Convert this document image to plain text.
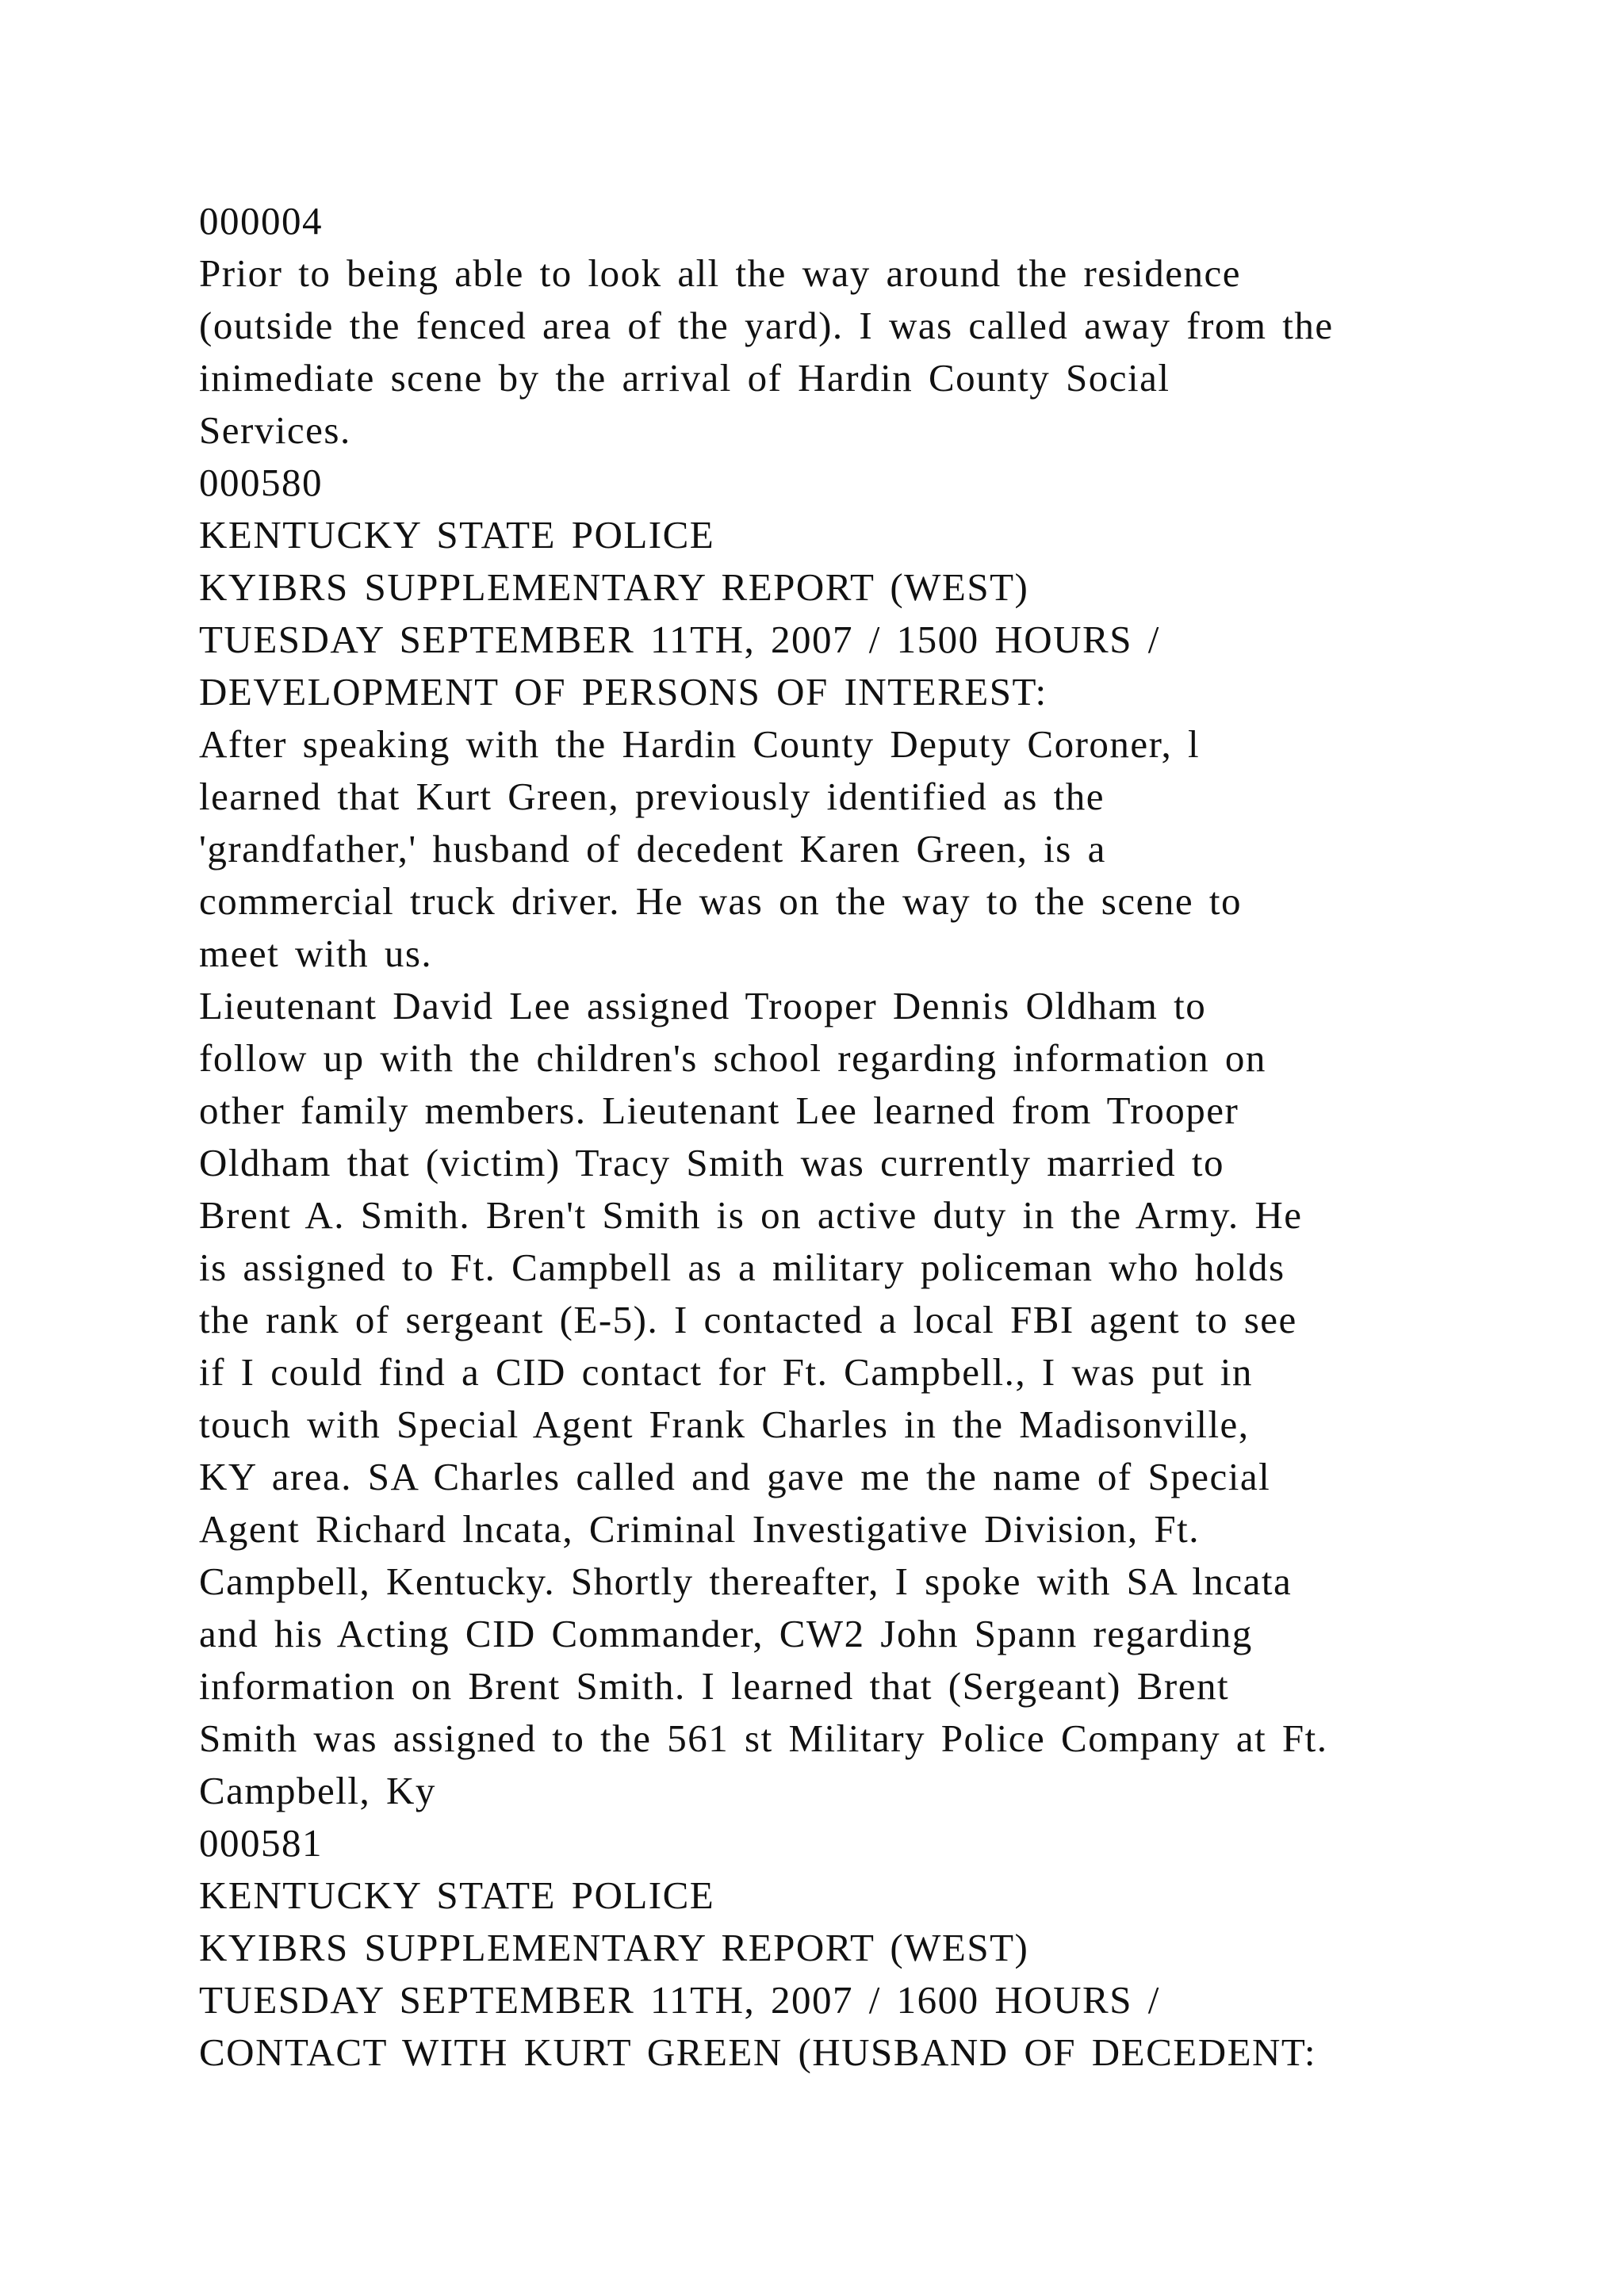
000004
Prior to being able to look all the way around the residence
(outside the fenced area of the yard). I was called away from the
inimediate scene by the arrival of Hardin County Social
Services.
000580
KENTUCKY STATE POLICE
KYIBRS SUPPLEMENTARY REPORT (WEST)
TUESDAY SEPTEMBER 11TH, 2007 / 1500 HOURS /
DEVELOPMENT OF PERSONS OF INTEREST:
After speaking with the Hardin County Deputy Coroner, l
learned that Kurt Green, previously identified as the
'grandfather,' husband of decedent Karen Green, is a
commercial truck driver. He was on the way to the scene to
meet with us.
Lieutenant David Lee assigned Trooper Dennis Oldham to
follow up with the children's school regarding information on
other family members. Lieutenant Lee learned from Trooper
Oldham that (victim) Tracy Smith was currently married to
Brent A. Smith. Bren't Smith is on active duty in the Army. He
is assigned to Ft. Campbell as a military policeman who holds
the rank of sergeant (E-5). I contacted a local FBI agent to see
if I could find a CID contact for Ft. Campbell., I was put in
touch with Special Agent Frank Charles in the Madisonville,
KY area. SA Charles called and gave me the name of Special
Agent Richard lncata, Criminal Investigative Division, Ft.
Campbell, Kentucky. Shortly thereafter, I spoke with SA lncata
and his Acting CID Commander, CW2 John Spann regarding
information on Brent Smith. I learned that (Sergeant) Brent
Smith was assigned to the 561 st Military Police Company at Ft.
Campbell, Ky
000581
KENTUCKY STATE POLICE
KYIBRS SUPPLEMENTARY REPORT (WEST)
TUESDAY SEPTEMBER 11TH, 2007 / 1600 HOURS /
CONTACT WITH KURT GREEN (HUSBAND OF DECEDENT:
